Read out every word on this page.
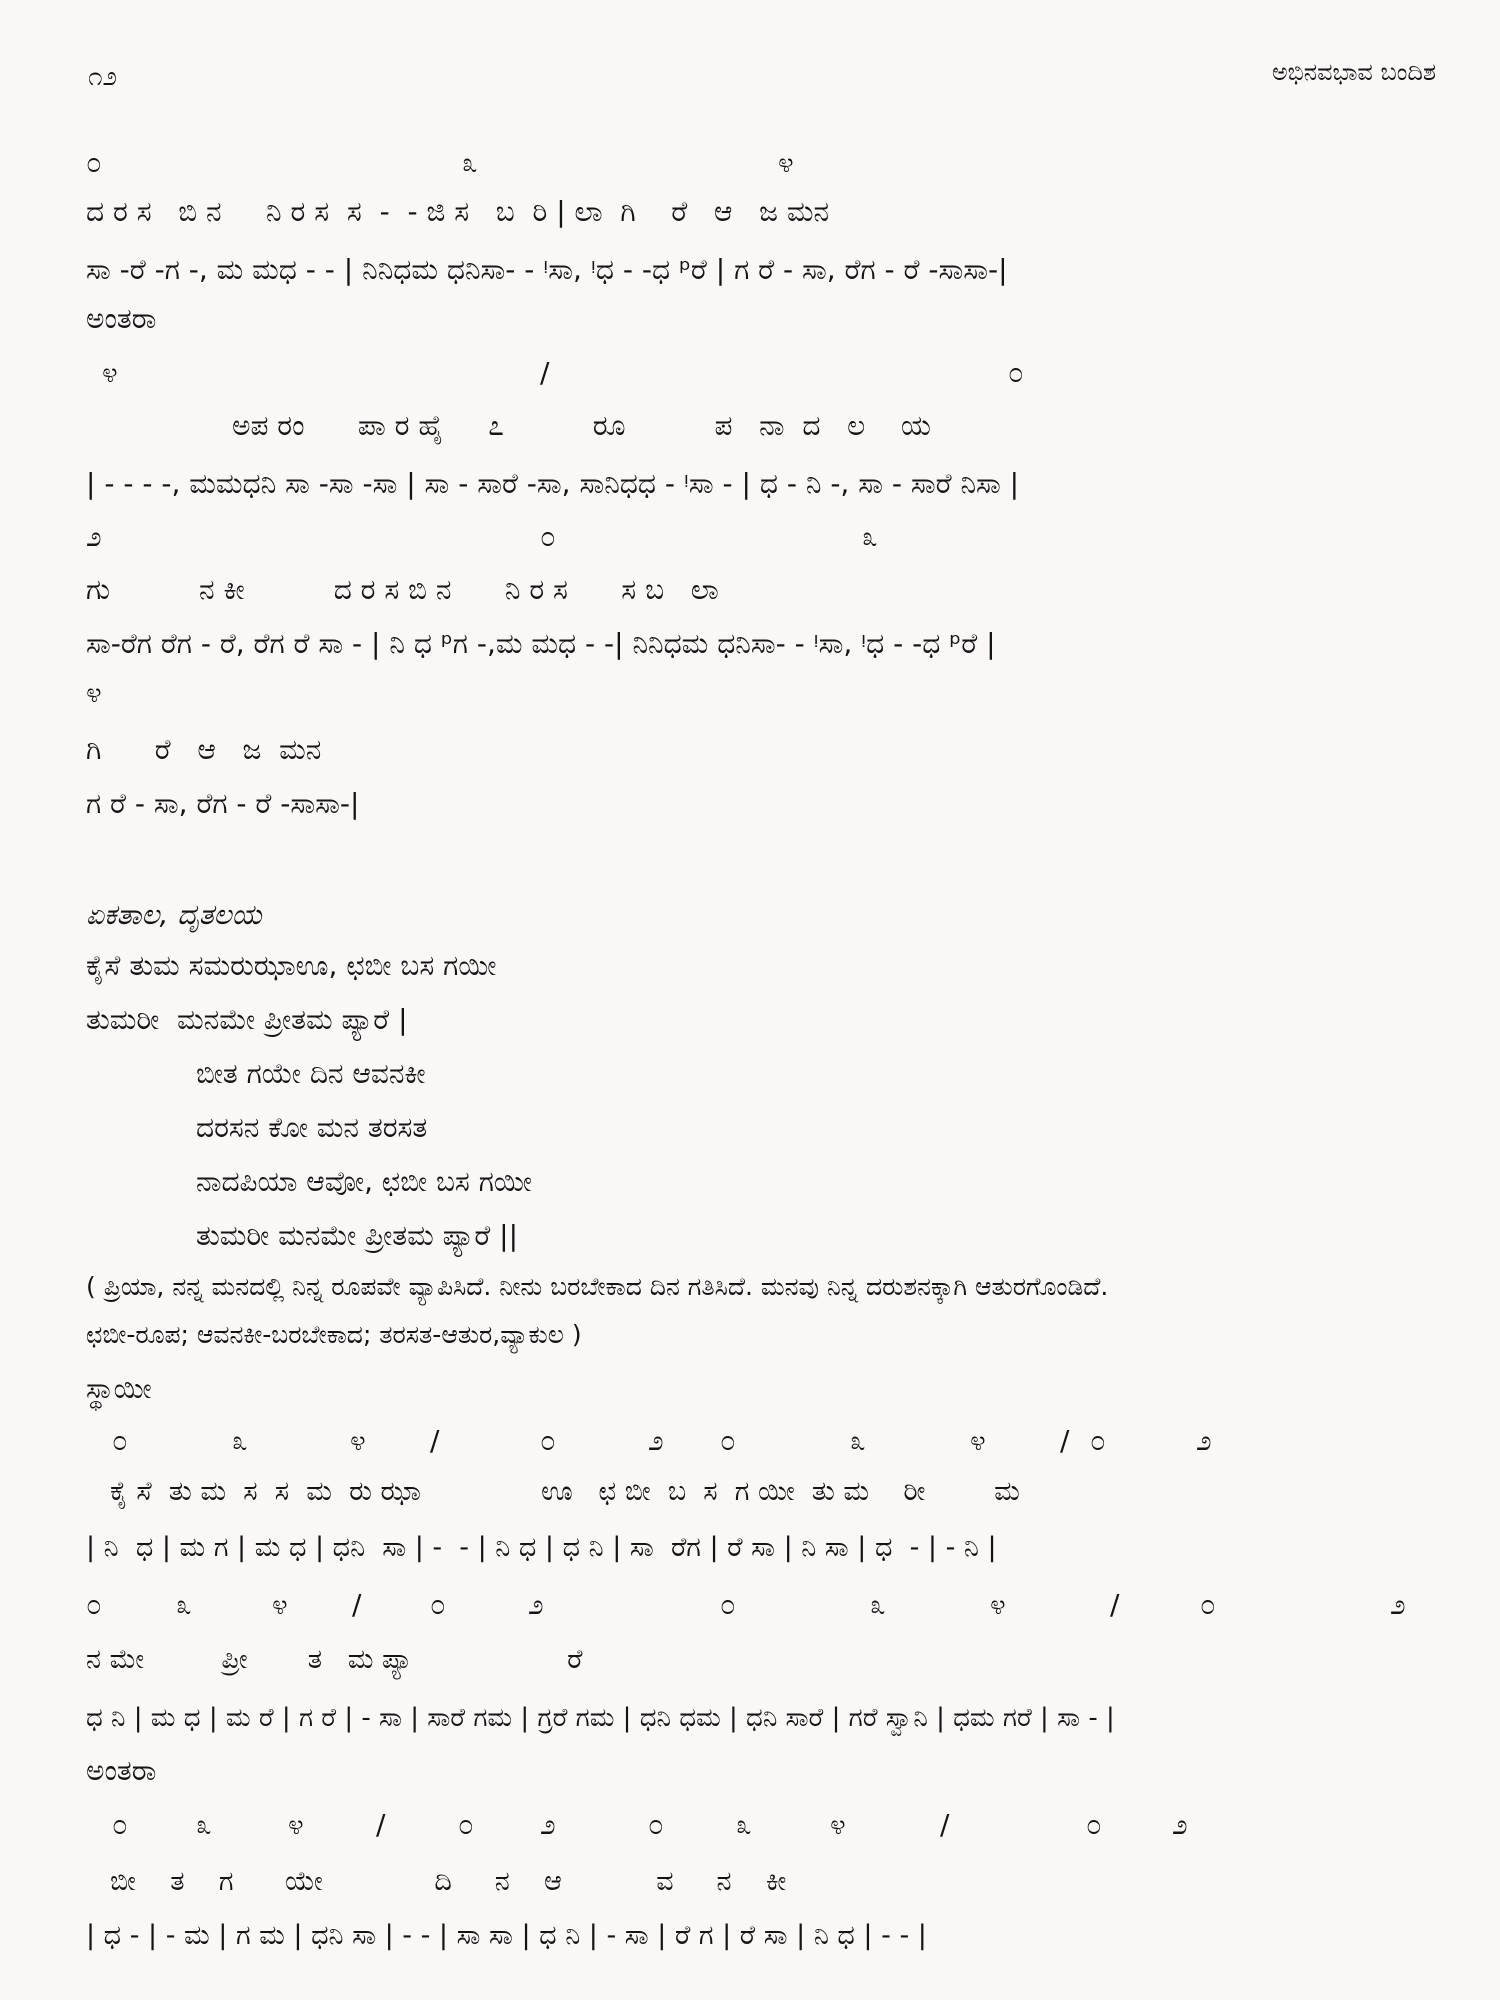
೧೨	ಅಭಿನವಭಾವ ಬಂದಿಶ
೦	೩	೪
ದ ರ ಸ   ಬಿ ನ     ನಿ ರ ಸ  ಸ  -  - ಜಿ ಸ   ಬ  ರಿ | ಲಾ  ಗಿ    ರೆ   ಆ   ಜ ಮನ
ಸಾ -ರೆ -ಗ -, ಮ ಮಧ - - | ನಿನಿಧಮ ಧನಿಸಾ- - ᵎಸಾ, ᵎಧ - -ಧ ᵖರೆ | ಗ ರೆ - ಸಾ, ರೆಗ - ರೆ -ಸಾಸಾ-|
ಅಂತರಾ
೪	/	೦
ಅಪ ರಂ      ಪಾ ರ ಹೈ     ೭          ರೂ          ಪ   ನಾ  ದ   ಲ    ಯ
| - - - -, ಮಮಧನಿ ಸಾ -ಸಾ -ಸಾ | ಸಾ - ಸಾರೆ -ಸಾ, ಸಾನಿಧಧ - ᵎಸಾ - | ಧ - ನಿ -, ಸಾ - ಸಾರೆ ನಿಸಾ |
೨	೦	೩
ಗು          ನ ಕೀ          ದ ರ ಸ ಬಿ ನ      ನಿ ರ ಸ      ಸ ಬ   ಲಾ
ಸಾ-ರೆಗ ರೆಗ - ರೆ, ರೆಗ ರೆ ಸಾ - | ನಿ ಧ ᵖಗ -,ಮ ಮಧ - -| ನಿನಿಧಮ ಧನಿಸಾ- - ᵎಸಾ, ᵎಧ - -ಧ ᵖರೆ |
೪
ಗಿ      ರೆ   ಆ   ಜ  ಮನ
ಗ ರೆ - ಸಾ, ರೆಗ - ರೆ -ಸಾಸಾ-|
ಏಕತಾಲ, ದೃತಲಯ
ಕೈಸೆ ತುಮ ಸಮರುಝಾಊ, ಛಬೀ ಬಸ ಗಯೀ
ತುಮರೀ  ಮನಮೇ ಪ್ರೀತಮ ಪ್ಯಾರೆ |
ಬೀತ ಗಯೇ ದಿನ ಆವನಕೀ
ದರಸನ ಕೋ ಮನ ತರಸತ
ನಾದಪಿಯಾ ಆವೋ, ಛಬೀ ಬಸ ಗಯೀ
ತುಮರೀ ಮನಮೇ ಪ್ರೀತಮ ಪ್ಯಾರೆ ||
( ಪ್ರಿಯಾ, ನನ್ನ ಮನದಲ್ಲಿ ನಿನ್ನ ರೂಪವೇ ವ್ಯಾಪಿಸಿದೆ. ನೀನು ಬರಬೇಕಾದ ದಿನ ಗತಿಸಿದೆ. ಮನವು ನಿನ್ನ ದರುಶನಕ್ಕಾಗಿ ಆತುರಗೊಂಡಿದೆ.
ಛಬೀ-ರೂಪ; ಆವನಕೀ-ಬರಬೇಕಾದ; ತರಸತ-ಆತುರ,ವ್ಯಾಕುಲ )
ಸ್ಥಾಯೀ
೦	೩	೪ /	೦	೨ ೦	೩	೪	/ ೦	೨
ಕೈ ಸೆ  ತು ಮ  ಸ  ಸ  ಮ  ರು ಝಾ              ಊ   ಛ ಬೀ  ಬ  ಸ  ಗ ಯೀ  ತು ಮ    ರೀ        ಮ
| ನಿ  ಧ | ಮ ಗ | ಮ ಧ | ಧನಿ  ಸಾ | -  - | ನಿ ಧ | ಧ ನಿ | ಸಾ  ರೆಗ | ರೆ ಸಾ | ನಿ ಸಾ | ಧ  - | - ನಿ |
೦	೩	೪ / ೦	೨	೦	೩	೪	/	೦	೨
ನ ಮೇ         ಪ್ರೀ       ತ   ಮ ಪ್ಯಾ                  ರೆ
ಧ ನಿ | ಮ ಧ | ಮ ರೆ | ಗ ರೆ | - ಸಾ | ಸಾರೆ ಗಮ | ಗ್ರರೆ ಗಮ | ಧನಿ ಧಮ | ಧನಿ ಸಾರೆ | ಗರೆ ಸ್ವಾನಿ | ಧಮ ಗರೆ | ಸಾ - |
ಅಂತರಾ
೦ ೩	೪	/	೦ ೨	೦	೩	೪	/	೦	೨
ಬೀ    ತ    ಗ      ಯೇ             ದಿ     ನ    ಆ           ವ     ನ    ಕೀ
| ಧ - | - ಮ | ಗ ಮ | ಧನಿ ಸಾ | - - | ಸಾ ಸಾ | ಧ ನಿ | - ಸಾ | ರೆ ಗ | ರೆ ಸಾ | ನಿ ಧ | - - |
